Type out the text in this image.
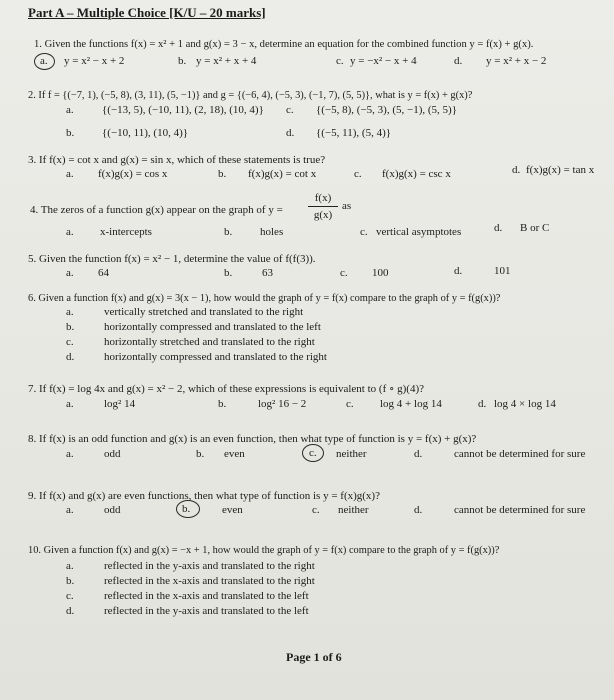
Part A – Multiple Choice [K/U – 20 marks]
1. Given the functions f(x) = x² + 1 and g(x) = 3 − x, determine an equation for the combined function y = f(x) + g(x).
a. y = x² − x + 2	b. y = x² + x + 4	c. y = −x² − x + 4	d. y = x² + x − 2
2. If f = {(−7, 1), (−5, 8), (3, 11), (5, −1)} and g = {(−6, 4), (−5, 3), (−1, 7), (5, 5)}, what is y = f(x) + g(x)?
a.	{(−13, 5), (−10, 11), (2, 18), (10, 4)} c. {(−5, 8), (−5, 3), (5, −1), (5, 5)}
b.	{(−10, 11), (10, 4)}	d. {(−5, 11), (5, 4)}
3. If f(x) = cot x and g(x) = sin x, which of these statements is true?
a. f(x)g(x) = cos x	b. f(x)g(x) = cot x	c. f(x)g(x) = csc x	d. f(x)g(x) = tan x
4. The zeros of a function g(x) appear on the graph of y =
f(x)
g(x)
as
a. x-intercepts	b.	holes	c. vertical asymptotes	d. B or C
5. Given the function f(x) = x² − 1, determine the value of f(f(3)).
a. 64	b.	63	c. 100	d.	101
6. Given a function f(x) and g(x) = 3(x − 1), how would the graph of y = f(x) compare to the graph of y = f(g(x))?
a.	vertically stretched and translated to the right
b.	horizontally compressed and translated to the left
c.	horizontally stretched and translated to the right
d.	horizontally compressed and translated to the right
7. If f(x) = log 4x and g(x) = x² − 2, which of these expressions is equivalent to (f ∘ g)(4)?
a.	log² 14	b.	log² 16 − 2	c. log 4 + log 14	d. log 4 × log 14
8. If f(x) is an odd function and g(x) is an even function, then what type of function is y = f(x) + g(x)?
a.	odd	b. even	c. neither	d.	cannot be determined for sure
9. If f(x) and g(x) are even functions, then what type of function is y = f(x)g(x)?
a.	odd	b.	even	c. neither	d.	cannot be determined for sure
10. Given a function f(x) and g(x) = −x + 1, how would the graph of y = f(x) compare to the graph of y = f(g(x))?
a.	reflected in the y-axis and translated to the right
b.	reflected in the x-axis and translated to the right
c.	reflected in the x-axis and translated to the left
d.	reflected in the y-axis and translated to the left
Page 1 of 6
